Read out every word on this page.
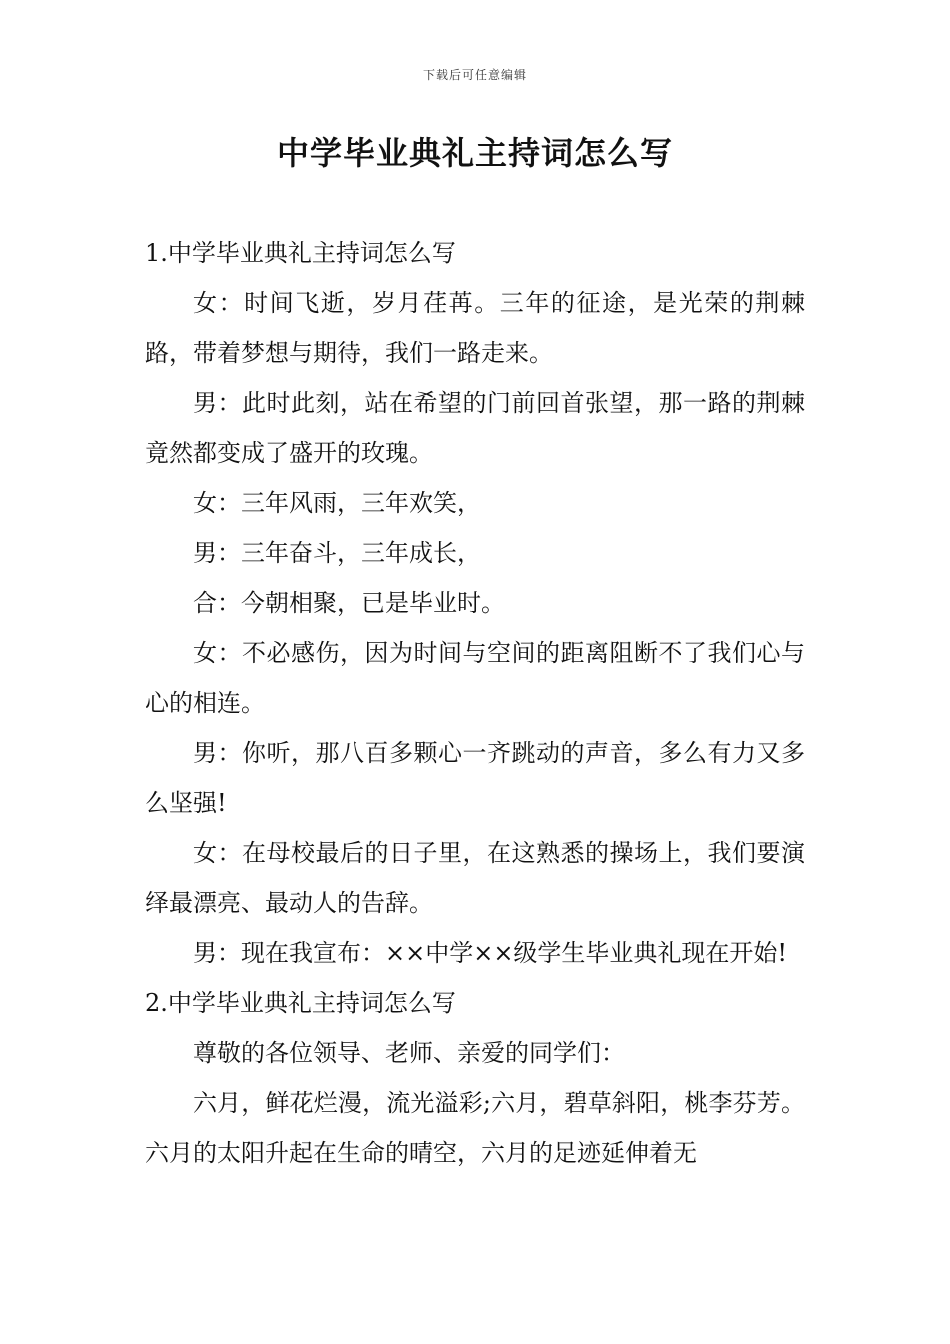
下载后可任意编辑
中学毕业典礼主持词怎么写

1.中学毕业典礼主持词怎么写

女：时间飞逝，岁月荏苒。三年的征途，是光荣的荆棘路，带着梦想与期待，我们一路走来。

男：此时此刻，站在希望的门前回首张望，那一路的荆棘竟然都变成了盛开的玫瑰。

女：三年风雨，三年欢笑，

男：三年奋斗，三年成长，

合：今朝相聚，已是毕业时。

女：不必感伤，因为时间与空间的距离阻断不了我们心与心的相连。

男：你听，那八百多颗心一齐跳动的声音，多么有力又多么坚强!

女：在母校最后的日子里，在这熟悉的操场上，我们要演绎最漂亮、最动人的告辞。

男：现在我宣布：××中学××级学生毕业典礼现在开始!

2.中学毕业典礼主持词怎么写

尊敬的各位领导、老师、亲爱的同学们：

六月，鲜花烂漫，流光溢彩;六月，碧草斜阳，桃李芬芳。六月的太阳升起在生命的晴空，六月的足迹延伸着无
